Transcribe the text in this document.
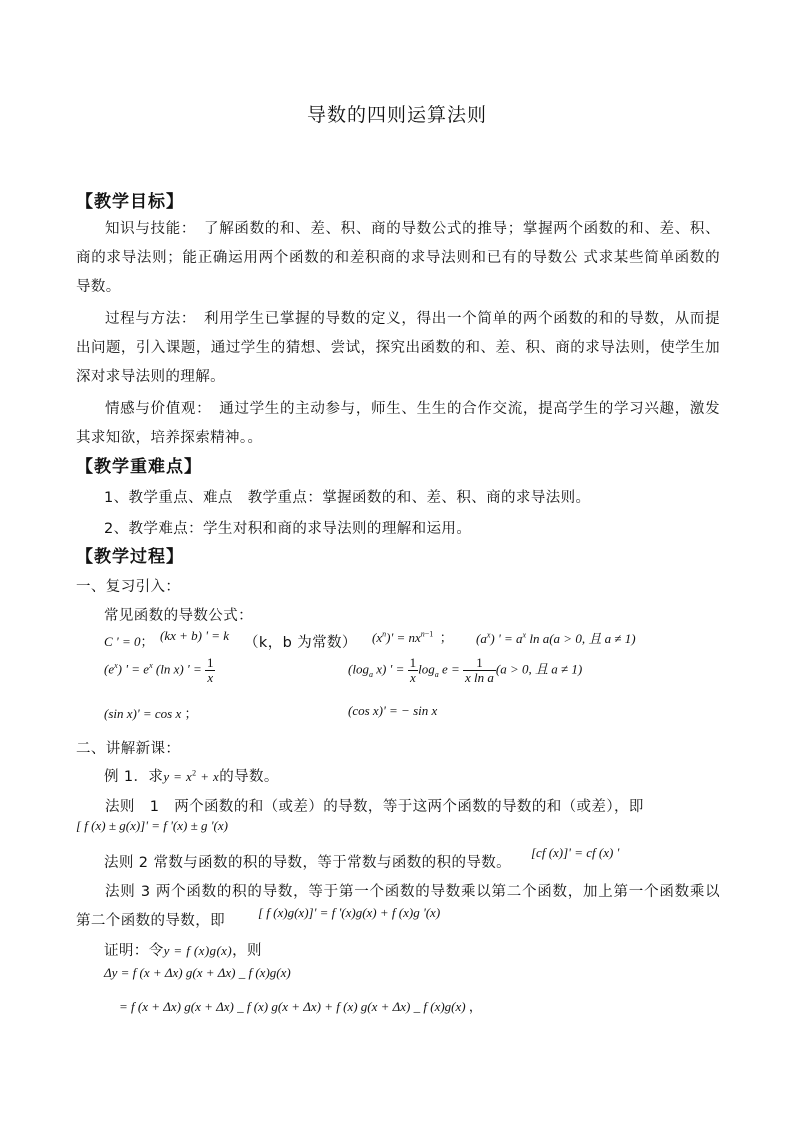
导数的四则运算法则
【教学目标】
知识与技能：　了解函数的和、差、积、商的导数公式的推导；掌握两个函数的和、差、积、商的求导法则；能正确运用两个函数的和差积商的求导法则和已有的导数公 式求某些简单函数的导数。
过程与方法：　利用学生已掌握的导数的定义，得出一个简单的两个函数的和的导数，从而提出问题，引入课题，通过学生的猜想、尝试，探究出函数的和、差、积、商的求导法则，使学生加深对求导法则的理解。
情感与价值观：　通过学生的主动参与，师生、生生的合作交流，提高学生的学习兴趣，激发其求知欲，培养探索精神。。
【教学重难点】
1、教学重点、难点　教学重点：掌握函数的和、差、积、商的求导法则。
2、教学难点：学生对积和商的求导法则的理解和运用。
【教学过程】
一、复习引入：
常见函数的导数公式：
C ' = 0； (kx + b) ' = k （k，b 为常数） $(x^n)' = nx^{n-1}$ ； $(a^x)$ ' = $a^x$ ln a(a > 0, 且 a ≠ 1)
$(e^x)$ ' = $e^x$ (ln x) ' = $\frac{1}{x}$	($\log_a$ x) ' = $\frac{1}{x} \log_a e = \frac{1}{\text{x ln a}} (a > 0$, 且 a ≠ 1)
(sin x)' = cos x ；	(cos x)' = − sin x
二、讲解新课：
例 1．求$y = x^2 + x$的导数。
法则　1　两个函数的和（或差）的导数，等于这两个函数的导数的和（或差），即
[ f (x) ± g(x)]' = f '(x) ± g '(x)
法则 2 常数与函数的积的导数，等于常数与函数的积的导数。
[cf (x)]' = cf (x) '
法则 3 两个函数的积的导数，等于第一个函数的导数乘以第二个函数，加上第一个函数乘以第二个函数的导数，即
[ f (x)g(x)]' = f '(x)g(x) + f (x)g '(x)
证明：令y = f (x)g(x)，则
Δy = f (x + Δx) g(x + Δx) _ f (x)g(x)
= f (x + Δx) g(x + Δx) _ f (x) g(x + Δx) + f (x) g(x + Δx) _ f (x)g(x) ，
